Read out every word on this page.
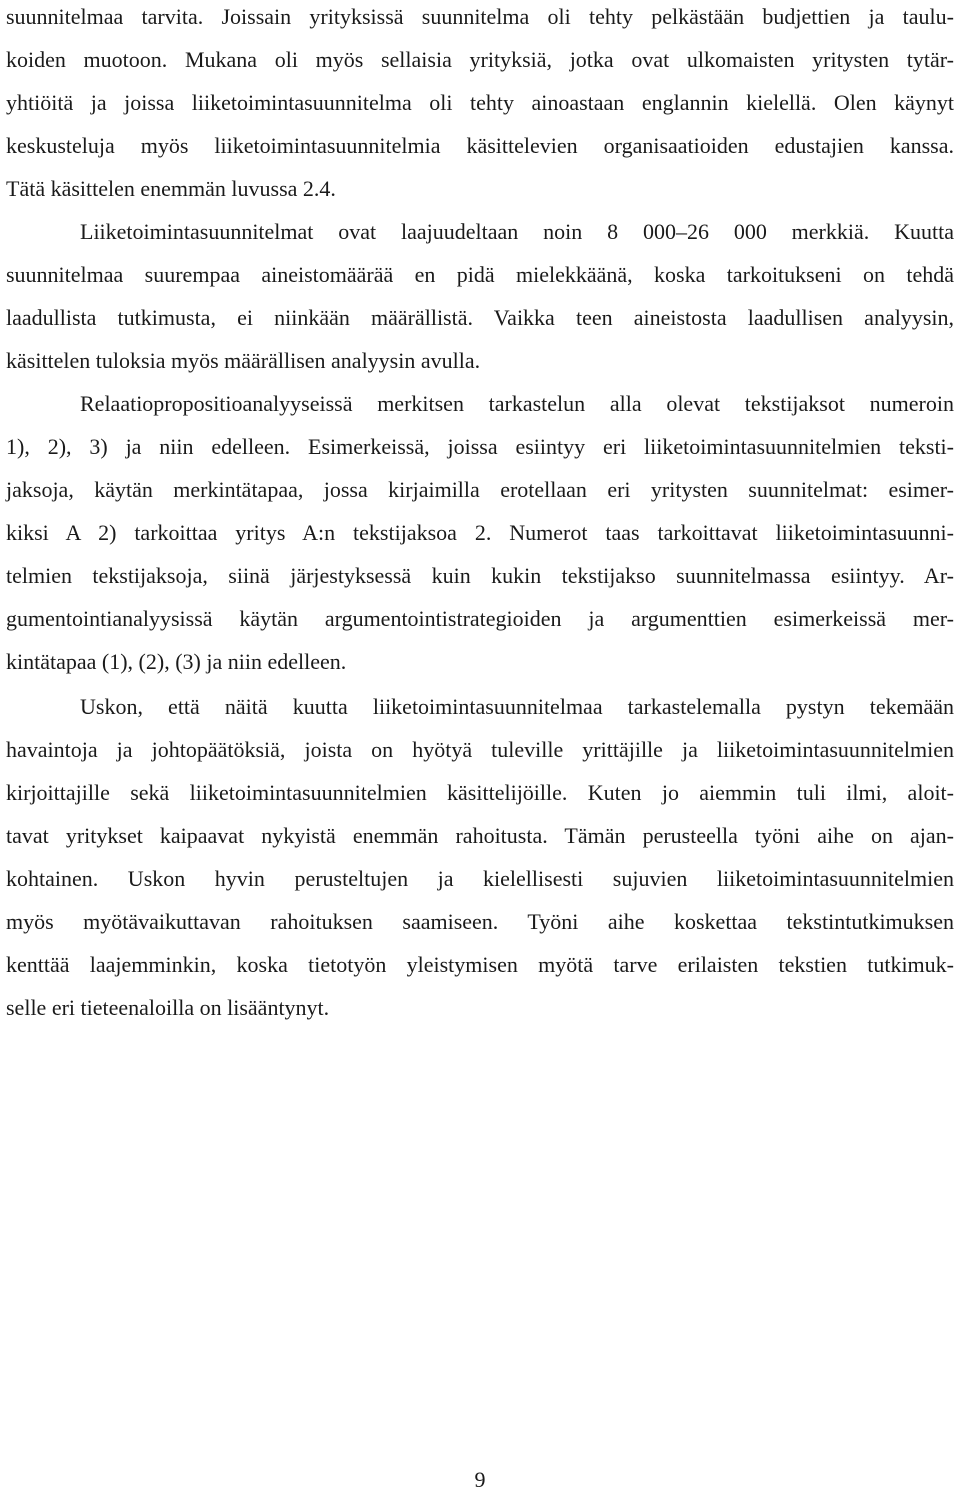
suunnitelmaa tarvita. Joissain yrityksissä suunnitelma oli tehty pelkästään budjettien ja taulu-
koiden muotoon. Mukana oli myös sellaisia yrityksiä, jotka ovat ulkomaisten yritysten tytär-
yhtiöitä ja joissa liiketoimintasuunnitelma oli tehty ainoastaan englannin kielellä. Olen käynyt
keskusteluja myös liiketoimintasuunnitelmia käsittelevien organisaatioiden edustajien kanssa.
Tätä käsittelen enemmän luvussa 2.4.
Liiketoimintasuunnitelmat ovat laajuudeltaan noin 8 000–26 000 merkkiä. Kuutta
suunnitelmaa suurempaa aineistomäärää en pidä mielekkäänä, koska tarkoitukseni on tehdä
laadullista tutkimusta, ei niinkään määrällistä. Vaikka teen aineistosta laadullisen analyysin,
käsittelen tuloksia myös määrällisen analyysin avulla.
Relaatiopropositioanalyyseissä merkitsen tarkastelun alla olevat tekstijaksot numeroin
1), 2), 3) ja niin edelleen. Esimerkeissä, joissa esiintyy eri liiketoimintasuunnitelmien teksti-
jaksoja, käytän merkintätapaa, jossa kirjaimilla erotellaan eri yritysten suunnitelmat: esimer-
kiksi A 2) tarkoittaa yritys A:n tekstijaksoa 2. Numerot taas tarkoittavat liiketoimintasuunni-
telmien tekstijaksoja, siinä järjestyksessä kuin kukin tekstijakso suunnitelmassa esiintyy. Ar-
gumentointianalyysissä käytän argumentointistrategioiden ja argumenttien esimerkeissä mer-
kintätapaa (1), (2), (3) ja niin edelleen.
Uskon, että näitä kuutta liiketoimintasuunnitelmaa tarkastelemalla pystyn tekemään
havaintoja ja johtopäätöksiä, joista on hyötyä tuleville yrittäjille ja liiketoimintasuunnitelmien
kirjoittajille sekä liiketoimintasuunnitelmien käsittelijöille. Kuten jo aiemmin tuli ilmi, aloit-
tavat yritykset kaipaavat nykyistä enemmän rahoitusta. Tämän perusteella työni aihe on ajan-
kohtainen. Uskon hyvin perusteltujen ja kielellisesti sujuvien liiketoimintasuunnitelmien
myös myötävaikuttavan rahoituksen saamiseen. Työni aihe koskettaa tekstintutkimuksen
kenttää laajemminkin, koska tietotyön yleistymisen myötä tarve erilaisten tekstien tutkimuk-
selle eri tieteenaloilla on lisääntynyt.
9
